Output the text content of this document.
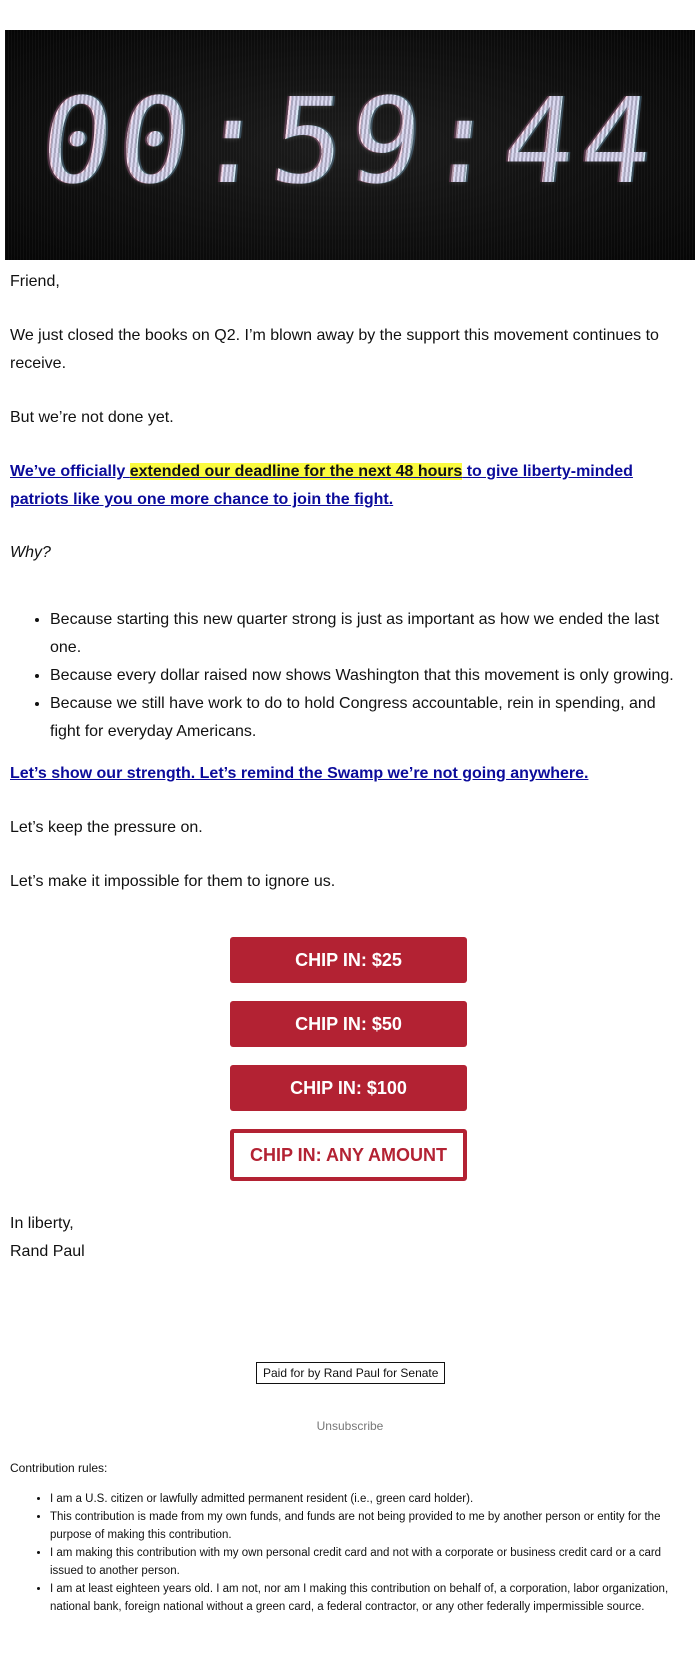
00:59:44

Friend,

We just closed the books on Q2. I’m blown away by the support this movement continues to receive.

But we’re not done yet.

We’ve officially extended our deadline for the next 48 hours to give liberty-minded patriots like you one more chance to join the fight.

Why?

• Because starting this new quarter strong is just as important as how we ended the last one.
• Because every dollar raised now shows Washington that this movement is only growing.
• Because we still have work to do to hold Congress accountable, rein in spending, and fight for everyday Americans.

Let’s show our strength. Let’s remind the Swamp we’re not going anywhere.

Let’s keep the pressure on.

Let’s make it impossible for them to ignore us.

CHIP IN: $25
CHIP IN: $50
CHIP IN: $100
CHIP IN: ANY AMOUNT

In liberty,

Rand Paul

Paid for by Rand Paul for Senate
Unsubscribe
Contribution rules:
• I am a U.S. citizen or lawfully admitted permanent resident (i.e., green card holder).
• This contribution is made from my own funds, and funds are not being provided to me by another person or entity for the purpose of making this contribution.
• I am making this contribution with my own personal credit card and not with a corporate or business credit card or a card issued to another person.
• I am at least eighteen years old. I am not, nor am I making this contribution on behalf of, a corporation, labor organization, national bank, foreign national without a green card, a federal contractor, or any other federally impermissible source.
